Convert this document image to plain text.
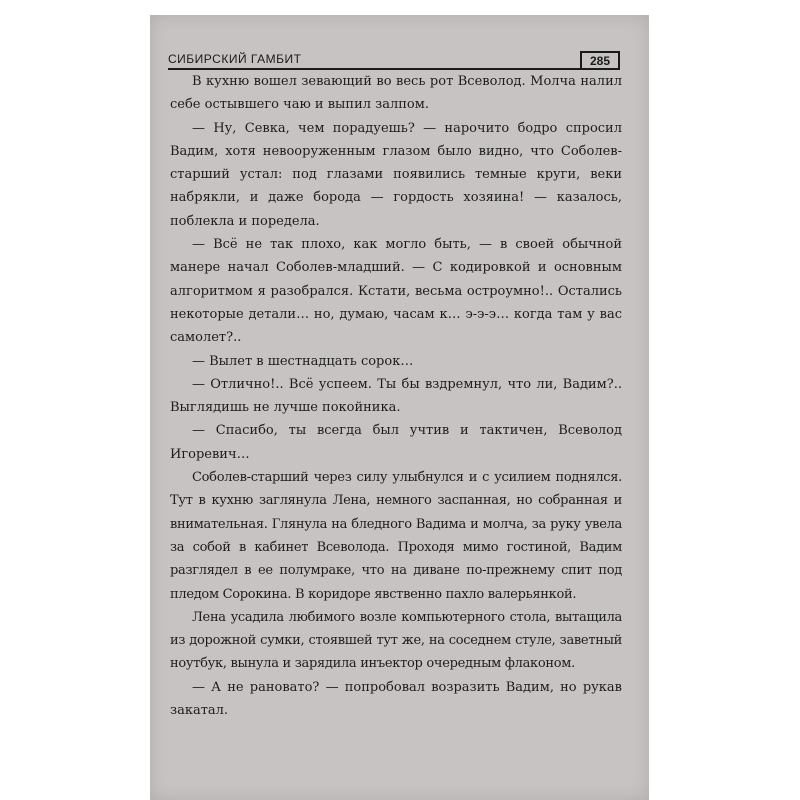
СИБИРСКИЙ ГАМБИТ	285

В кухню вошел зевающий во весь рот Всеволод. Молча налил себе остывшего чаю и выпил залпом.

— Ну, Севка, чем порадуешь? — нарочито бодро спросил Вадим, хотя невооруженным глазом было видно, что Соболев-старший устал: под глазами появились темные круги, веки набрякли, и даже борода — гордость хозяина! — казалось, поблекла и поредела.

— Всё не так плохо, как могло быть, — в своей обычной манере начал Соболев-младший. — С кодировкой и основным алгоритмом я разобрался. Кстати, весьма остроумно!.. Остались некоторые детали… но, думаю, часам к… э-э-э… когда там у вас самолет?..

— Вылет в шестнадцать сорок…

— Отлично!.. Всё успеем. Ты бы вздремнул, что ли, Вадим?.. Выглядишь не лучше покойника.

— Спасибо, ты всегда был учтив и тактичен, Всеволод Игоревич…

Соболев-старший через силу улыбнулся и с усилием поднялся. Тут в кухню заглянула Лена, немного заспанная, но собранная и внимательная. Глянула на бледного Вадима и молча, за руку увела за собой в кабинет Всеволода. Проходя мимо гостиной, Вадим разглядел в ее полумраке, что на диване по-прежнему спит под пледом Сорокина. В коридоре явственно пахло валерьянкой.

Лена усадила любимого возле компьютерного стола, вытащила из дорожной сумки, стоявшей тут же, на соседнем стуле, заветный ноутбук, вынула и зарядила инъектор очередным флаконом.

— А не рановато? — попробовал возразить Вадим, но рукав закатал.
